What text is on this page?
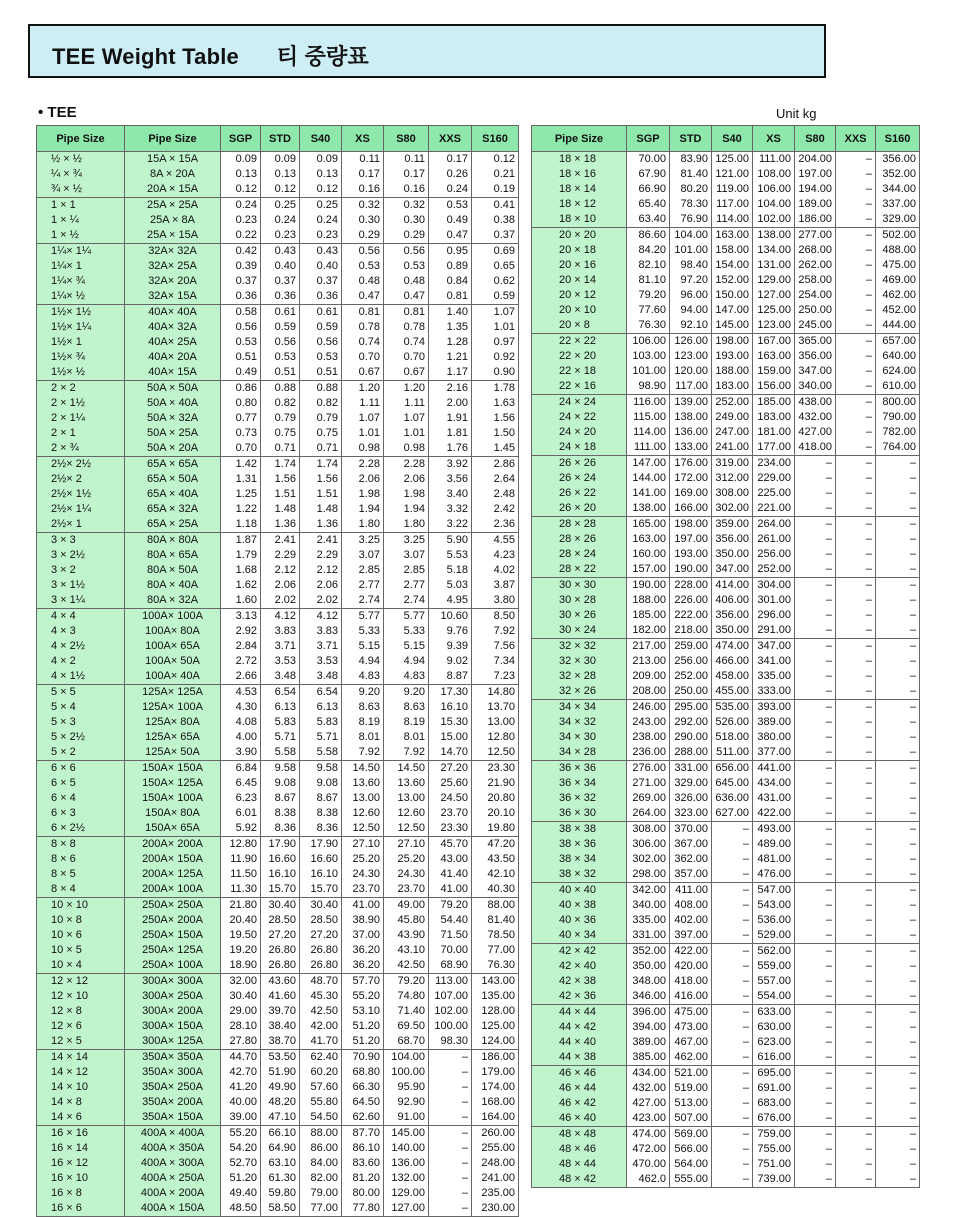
TEE Weight Table 티 중량표
• TEE	Unit kg
Pipe Size	Pipe Size	SGP	STD	S40	XS	S80	XXS	S160
½ × ½	15A × 15A	0.09	0.09	0.09	0.11	0.11	0.17	0.12
¼ × ¾	8A × 20A	0.13	0.13	0.13	0.17	0.17	0.26	0.21
¾ × ½	20A × 15A	0.12	0.12	0.12	0.16	0.16	0.24	0.19
1 × 1	25A × 25A	0.24	0.25	0.25	0.32	0.32	0.53	0.41
1 × ¼	25A × 8A	0.23	0.24	0.24	0.30	0.30	0.49	0.38
1 × ½	25A × 15A	0.22	0.23	0.23	0.29	0.29	0.47	0.37
1¼× 1¼	32A× 32A	0.42	0.43	0.43	0.56	0.56	0.95	0.69
1¼× 1	32A× 25A	0.39	0.40	0.40	0.53	0.53	0.89	0.65
1¼× ¾	32A× 20A	0.37	0.37	0.37	0.48	0.48	0.84	0.62
1¼× ½	32A× 15A	0.36	0.36	0.36	0.47	0.47	0.81	0.59
1½× 1½	40A× 40A	0.58	0.61	0.61	0.81	0.81	1.40	1.07
1½× 1¼	40A× 32A	0.56	0.59	0.59	0.78	0.78	1.35	1.01
1½× 1	40A× 25A	0.53	0.56	0.56	0.74	0.74	1.28	0.97
1½× ¾	40A× 20A	0.51	0.53	0.53	0.70	0.70	1.21	0.92
1½× ½	40A× 15A	0.49	0.51	0.51	0.67	0.67	1.17	0.90
2 × 2	50A × 50A	0.86	0.88	0.88	1.20	1.20	2.16	1.78
2 × 1½	50A × 40A	0.80	0.82	0.82	1.11	1.11	2.00	1.63
2 × 1¼	50A × 32A	0.77	0.79	0.79	1.07	1.07	1.91	1.56
2 × 1	50A × 25A	0.73	0.75	0.75	1.01	1.01	1.81	1.50
2 × ¾	50A × 20A	0.70	0.71	0.71	0.98	0.98	1.76	1.45
2½× 2½	65A × 65A	1.42	1.74	1.74	2.28	2.28	3.92	2.86
2½× 2	65A × 50A	1.31	1.56	1.56	2.06	2.06	3.56	2.64
2½× 1½	65A × 40A	1.25	1.51	1.51	1.98	1.98	3.40	2.48
2½× 1¼	65A × 32A	1.22	1.48	1.48	1.94	1.94	3.32	2.42
2½× 1	65A × 25A	1.18	1.36	1.36	1.80	1.80	3.22	2.36
3 × 3	80A × 80A	1.87	2.41	2.41	3.25	3.25	5.90	4.55
3 × 2½	80A × 65A	1.79	2.29	2.29	3.07	3.07	5.53	4.23
3 × 2	80A × 50A	1.68	2.12	2.12	2.85	2.85	5.18	4.02
3 × 1½	80A × 40A	1.62	2.06	2.06	2.77	2.77	5.03	3.87
3 × 1¼	80A × 32A	1.60	2.02	2.02	2.74	2.74	4.95	3.80
4 × 4	100A× 100A	3.13	4.12	4.12	5.77	5.77	10.60	8.50
4 × 3	100A× 80A	2.92	3.83	3.83	5.33	5.33	9.76	7.92
4 × 2½	100A× 65A	2.84	3.71	3.71	5.15	5.15	9.39	7.56
4 × 2	100A× 50A	2.72	3.53	3.53	4.94	4.94	9.02	7.34
4 × 1½	100A× 40A	2.66	3.48	3.48	4.83	4.83	8.87	7.23
5 × 5	125A× 125A	4.53	6.54	6.54	9.20	9.20	17.30	14.80
5 × 4	125A× 100A	4.30	6.13	6.13	8.63	8.63	16.10	13.70
5 × 3	125A× 80A	4.08	5.83	5.83	8.19	8.19	15.30	13.00
5 × 2½	125A× 65A	4.00	5.71	5.71	8.01	8.01	15.00	12.80
5 × 2	125A× 50A	3.90	5.58	5.58	7.92	7.92	14.70	12.50
6 × 6	150A× 150A	6.84	9.58	9.58	14.50	14.50	27.20	23.30
6 × 5	150A× 125A	6.45	9.08	9.08	13.60	13.60	25.60	21.90
6 × 4	150A× 100A	6.23	8.67	8.67	13.00	13.00	24.50	20.80
6 × 3	150A× 80A	6.01	8.38	8.38	12.60	12.60	23.70	20.10
6 × 2½	150A× 65A	5.92	8.36	8.36	12.50	12.50	23.30	19.80
8 × 8	200A× 200A	12.80	17.90	17.90	27.10	27.10	45.70	47.20
8 × 6	200A× 150A	11.90	16.60	16.60	25.20	25.20	43.00	43.50
8 × 5	200A× 125A	11.50	16.10	16.10	24.30	24.30	41.40	42.10
8 × 4	200A× 100A	11.30	15.70	15.70	23.70	23.70	41.00	40.30
10 × 10	250A× 250A	21.80	30.40	30.40	41.00	49.00	79.20	88.00
10 × 8	250A× 200A	20.40	28.50	28.50	38.90	45.80	54.40	81.40
10 × 6	250A× 150A	19.50	27.20	27.20	37.00	43.90	71.50	78.50
10 × 5	250A× 125A	19.20	26.80	26.80	36.20	43.10	70.00	77.00
10 × 4	250A× 100A	18.90	26.80	26.80	36.20	42.50	68.90	76.30
12 × 12	300A× 300A	32.00	43.60	48.70	57.70	79.20	113.00	143.00
12 × 10	300A× 250A	30.40	41.60	45.30	55.20	74.80	107.00	135.00
12 × 8	300A× 200A	29.00	39.70	42.50	53.10	71.40	102.00	128.00
12 × 6	300A× 150A	28.10	38.40	42.00	51.20	69.50	100.00	125.00
12 × 5	300A× 125A	27.80	38.70	41.70	51.20	68.70	98.30	124.00
14 × 14	350A× 350A	44.70	53.50	62.40	70.90	104.00	–	186.00
14 × 12	350A× 300A	42.70	51.90	60.20	68.80	100.00	–	179.00
14 × 10	350A× 250A	41.20	49.90	57.60	66.30	95.90	–	174.00
14 × 8	350A× 200A	40.00	48.20	55.80	64.50	92.90	–	168.00
14 × 6	350A× 150A	39.00	47.10	54.50	62.60	91.00	–	164.00
16 × 16	400A × 400A	55.20	66.10	88.00	87.70	145.00	–	260.00
16 × 14	400A × 350A	54.20	64.90	86.00	86.10	140.00	–	255.00
16 × 12	400A × 300A	52.70	63.10	84.00	83.60	136.00	–	248.00
16 × 10	400A × 250A	51.20	61.30	82.00	81.20	132.00	–	241.00
16 × 8	400A × 200A	49.40	59.80	79.00	80.00	129.00	–	235.00
16 × 6	400A × 150A	48.50	58.50	77.00	77.80	127.00	–	230.00
Pipe Size	SGP	STD	S40	XS	S80	XXS	S160
18 × 18	70.00	83.90	125.00	111.00	204.00	–	356.00
18 × 16	67.90	81.40	121.00	108.00	197.00	–	352.00
18 × 14	66.90	80.20	119.00	106.00	194.00	–	344.00
18 × 12	65.40	78.30	117.00	104.00	189.00	–	337.00
18 × 10	63.40	76.90	114.00	102.00	186.00	–	329.00
20 × 20	86.60	104.00	163.00	138.00	277.00	–	502.00
20 × 18	84.20	101.00	158.00	134.00	268.00	–	488.00
20 × 16	82.10	98.40	154.00	131.00	262.00	–	475.00
20 × 14	81.10	97.20	152.00	129.00	258.00	–	469.00
20 × 12	79.20	96.00	150.00	127.00	254.00	–	462.00
20 × 10	77.60	94.00	147.00	125.00	250.00	–	452.00
20 × 8	76.30	92.10	145.00	123.00	245.00	–	444.00
22 × 22	106.00	126.00	198.00	167.00	365.00	–	657.00
22 × 20	103.00	123.00	193.00	163.00	356.00	–	640.00
22 × 18	101.00	120.00	188.00	159.00	347.00	–	624.00
22 × 16	98.90	117.00	183.00	156.00	340.00	–	610.00
24 × 24	116.00	139.00	252.00	185.00	438.00	–	800.00
24 × 22	115.00	138.00	249.00	183.00	432.00	–	790.00
24 × 20	114.00	136.00	247.00	181.00	427.00	–	782.00
24 × 18	111.00	133.00	241.00	177.00	418.00	–	764.00
26 × 26	147.00	176.00	319.00	234.00	–	–	–
26 × 24	144.00	172.00	312.00	229.00	–	–	–
26 × 22	141.00	169.00	308.00	225.00	–	–	–
26 × 20	138.00	166.00	302.00	221.00	–	–	–
28 × 28	165.00	198.00	359.00	264.00	–	–	–
28 × 26	163.00	197.00	356.00	261.00	–	–	–
28 × 24	160.00	193.00	350.00	256.00	–	–	–
28 × 22	157.00	190.00	347.00	252.00	–	–	–
30 × 30	190.00	228.00	414.00	304.00	–	–	–
30 × 28	188.00	226.00	406.00	301.00	–	–	–
30 × 26	185.00	222.00	356.00	296.00	–	–	–
30 × 24	182.00	218.00	350.00	291.00	–	–	–
32 × 32	217.00	259.00	474.00	347.00	–	–	–
32 × 30	213.00	256.00	466.00	341.00	–	–	–
32 × 28	209.00	252.00	458.00	335.00	–	–	–
32 × 26	208.00	250.00	455.00	333.00	–	–	–
34 × 34	246.00	295.00	535.00	393.00	–	–	–
34 × 32	243.00	292.00	526.00	389.00	–	–	–
34 × 30	238.00	290.00	518.00	380.00	–	–	–
34 × 28	236.00	288.00	511.00	377.00	–	–	–
36 × 36	276.00	331.00	656.00	441.00	–	–	–
36 × 34	271.00	329.00	645.00	434.00	–	–	–
36 × 32	269.00	326.00	636.00	431.00	–	–	–
36 × 30	264.00	323.00	627.00	422.00	–	–	–
38 × 38	308.00	370.00	–	493.00	–	–	–
38 × 36	306.00	367.00	–	489.00	–	–	–
38 × 34	302.00	362.00	–	481.00	–	–	–
38 × 32	298.00	357.00	–	476.00	–	–	–
40 × 40	342.00	411.00	–	547.00	–	–	–
40 × 38	340.00	408.00	–	543.00	–	–	–
40 × 36	335.00	402.00	–	536.00	–	–	–
40 × 34	331.00	397.00	–	529.00	–	–	–
42 × 42	352.00	422.00	–	562.00	–	–	–
42 × 40	350.00	420.00	–	559.00	–	–	–
42 × 38	348.00	418.00	–	557.00	–	–	–
42 × 36	346.00	416.00	–	554.00	–	–	–
44 × 44	396.00	475.00	–	633.00	–	–	–
44 × 42	394.00	473.00	–	630.00	–	–	–
44 × 40	389.00	467.00	–	623.00	–	–	–
44 × 38	385.00	462.00	–	616.00	–	–	–
46 × 46	434.00	521.00	–	695.00	–	–	–
46 × 44	432.00	519.00	–	691.00	–	–	–
46 × 42	427.00	513.00	–	683.00	–	–	–
46 × 40	423.00	507.00	–	676.00	–	–	–
48 × 48	474.00	569.00	–	759.00	–	–	–
48 × 46	472.00	566.00	–	755.00	–	–	–
48 × 44	470.00	564.00	–	751.00	–	–	–
48 × 42	462.0	555.00	–	739.00	–	–	–
